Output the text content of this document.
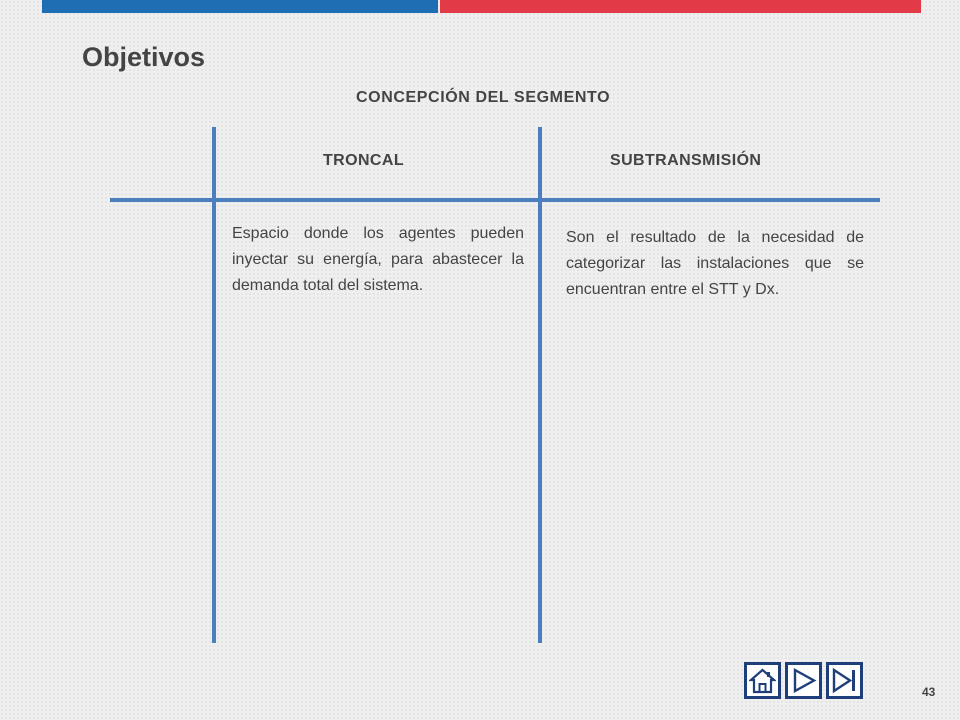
Objetivos
CONCEPCIÓN DEL SEGMENTO
TRONCAL	SUBTRANSMISIÓN
Espacio donde los agentes pueden inyectar su energía, para abastecer la demanda total del sistema.
Son el resultado de la necesidad de categorizar las instalaciones que se encuentran entre el STT y Dx.
43
